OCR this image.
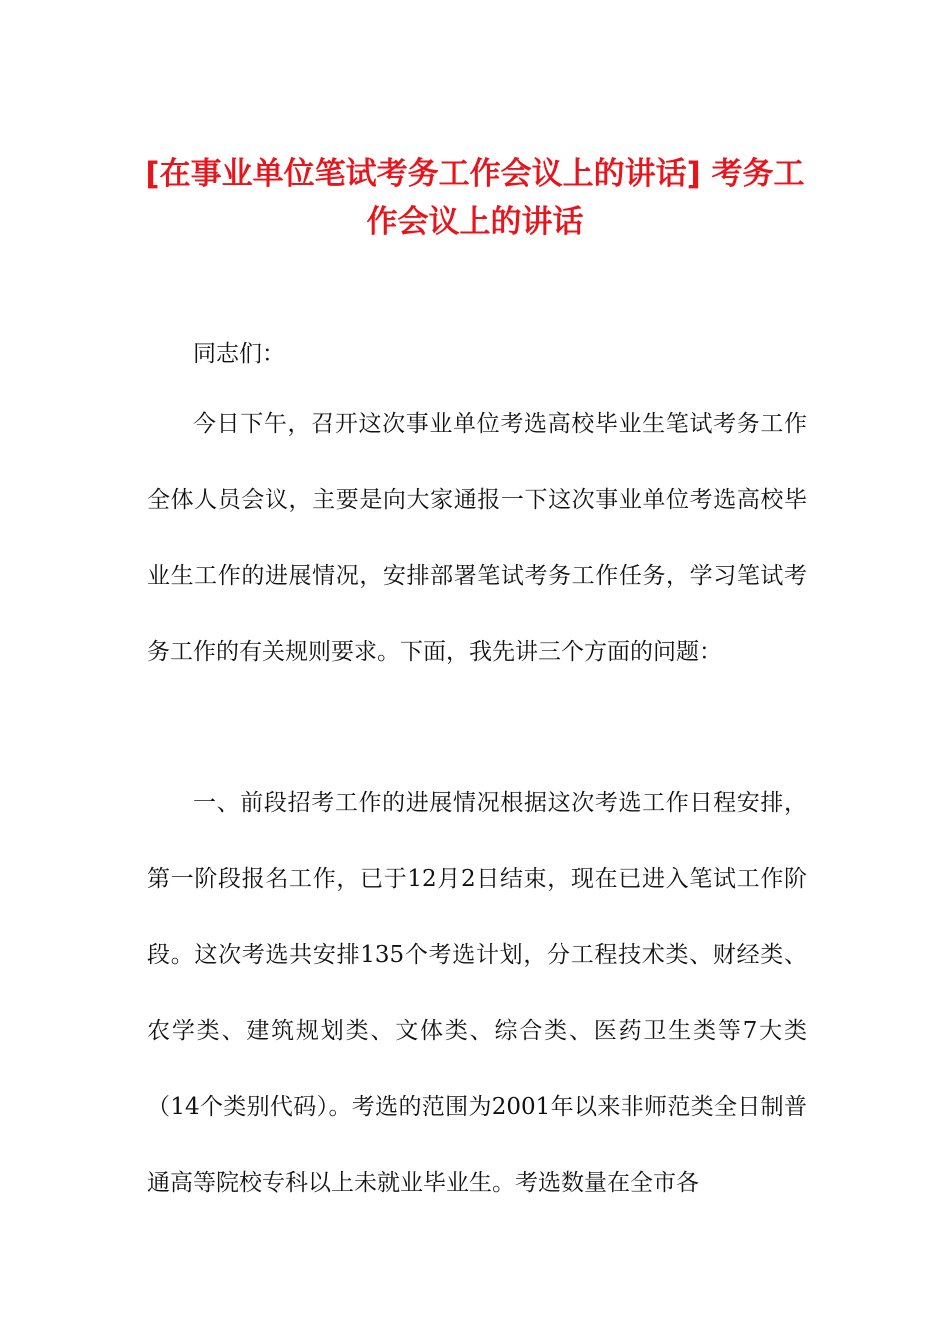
[在事业单位笔试考务工作会议上的讲话] 考务工作会议上的讲话

同志们：

今日下午，召开这次事业单位考选高校毕业生笔试考务工作全体人员会议，主要是向大家通报一下这次事业单位考选高校毕业生工作的进展情况，安排部署笔试考务工作任务，学习笔试考务工作的有关规则要求。下面，我先讲三个方面的问题：

一、前段招考工作的进展情况根据这次考选工作日程安排，第一阶段报名工作，已于12月2日结束，现在已进入笔试工作阶段。这次考选共安排135个考选计划，分工程技术类、财经类、农学类、建筑规划类、文体类、综合类、医药卫生类等7大类（14个类别代码）。考选的范围为2001年以来非师范类全日制普通高等院校专科以上未就业毕业生。考选数量在全市各
